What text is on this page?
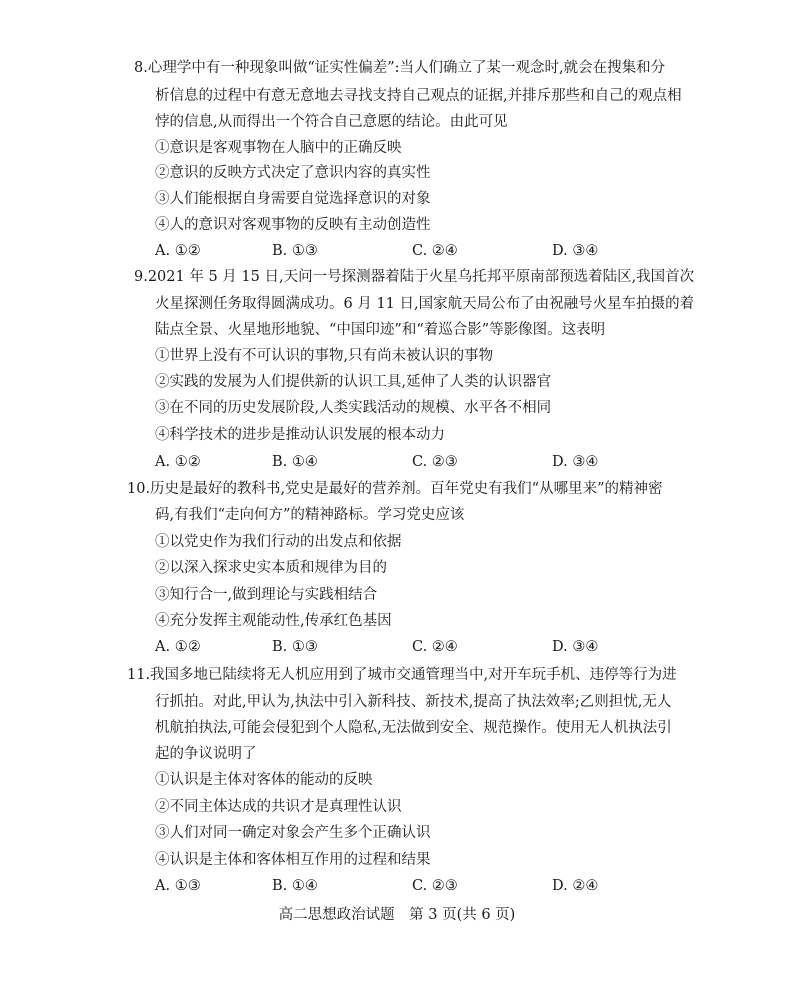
8.心理学中有一种现象叫做“证实性偏差”:当人们确立了某一观念时,就会在搜集和分
析信息的过程中有意无意地去寻找支持自己观点的证据,并排斥那些和自己的观点相
悖的信息,从而得出一个符合自己意愿的结论。由此可见
①意识是客观事物在人脑中的正确反映
②意识的反映方式决定了意识内容的真实性
③人们能根据自身需要自觉选择意识的对象
④人的意识对客观事物的反映有主动创造性
A. ①②	B. ①③	C. ②④	D. ③④
9.2021 年 5 月 15 日,天问一号探测器着陆于火星乌托邦平原南部预选着陆区,我国首次
火星探测任务取得圆满成功。6 月 11 日,国家航天局公布了由祝融号火星车拍摄的着
陆点全景、火星地形地貌、“中国印迹”和“着巡合影”等影像图。这表明
①世界上没有不可认识的事物,只有尚未被认识的事物
②实践的发展为人们提供新的认识工具,延伸了人类的认识器官
③在不同的历史发展阶段,人类实践活动的规模、水平各不相同
④科学技术的进步是推动认识发展的根本动力
A. ①②	B. ①④	C. ②③	D. ③④
10.历史是最好的教科书,党史是最好的营养剂。百年党史有我们“从哪里来”的精神密
码,有我们“走向何方”的精神路标。学习党史应该
①以党史作为我们行动的出发点和依据
②以深入探求史实本质和规律为目的
③知行合一,做到理论与实践相结合
④充分发挥主观能动性,传承红色基因
A. ①②	B. ①③	C. ②④	D. ③④
11.我国多地已陆续将无人机应用到了城市交通管理当中,对开车玩手机、违停等行为进
行抓拍。对此,甲认为,执法中引入新科技、新技术,提高了执法效率;乙则担忧,无人
机航拍执法,可能会侵犯到个人隐私,无法做到安全、规范操作。使用无人机执法引
起的争议说明了
①认识是主体对客体的能动的反映
②不同主体达成的共识才是真理性认识
③人们对同一确定对象会产生多个正确认识
④认识是主体和客体相互作用的过程和结果
A. ①③	B. ①④	C. ②③	D. ②④
高二思想政治试题　第 3 页(共 6 页)
